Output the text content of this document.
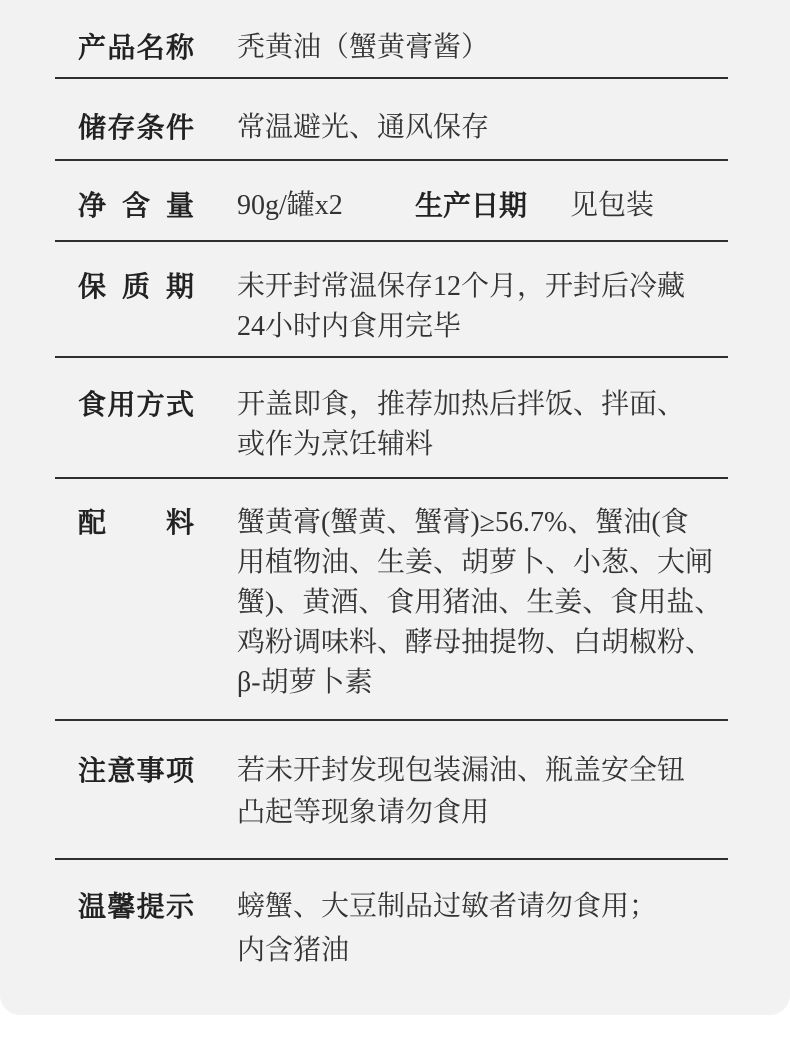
产品名称 秃黄油（蟹黄膏酱）
储存条件 常温避光、通风保存
净 含 量 90g/罐x2	生产日期 见包装
保 质 期 未开封常温保存12个月，开封后冷藏
24小时内食用完毕
食用方式 开盖即食，推荐加热后拌饭、拌面、
或作为烹饪辅料
配 料 蟹黄膏(蟹黄、蟹膏)≥56.7%、蟹油(食
用植物油、生姜、胡萝卜、小葱、大闸
蟹)、黄酒、食用猪油、生姜、食用盐、
鸡粉调味料、酵母抽提物、白胡椒粉、
β-胡萝卜素
注意事项 若未开封发现包装漏油、瓶盖安全钮
凸起等现象请勿食用
温馨提示 螃蟹、大豆制品过敏者请勿食用；
内含猪油
